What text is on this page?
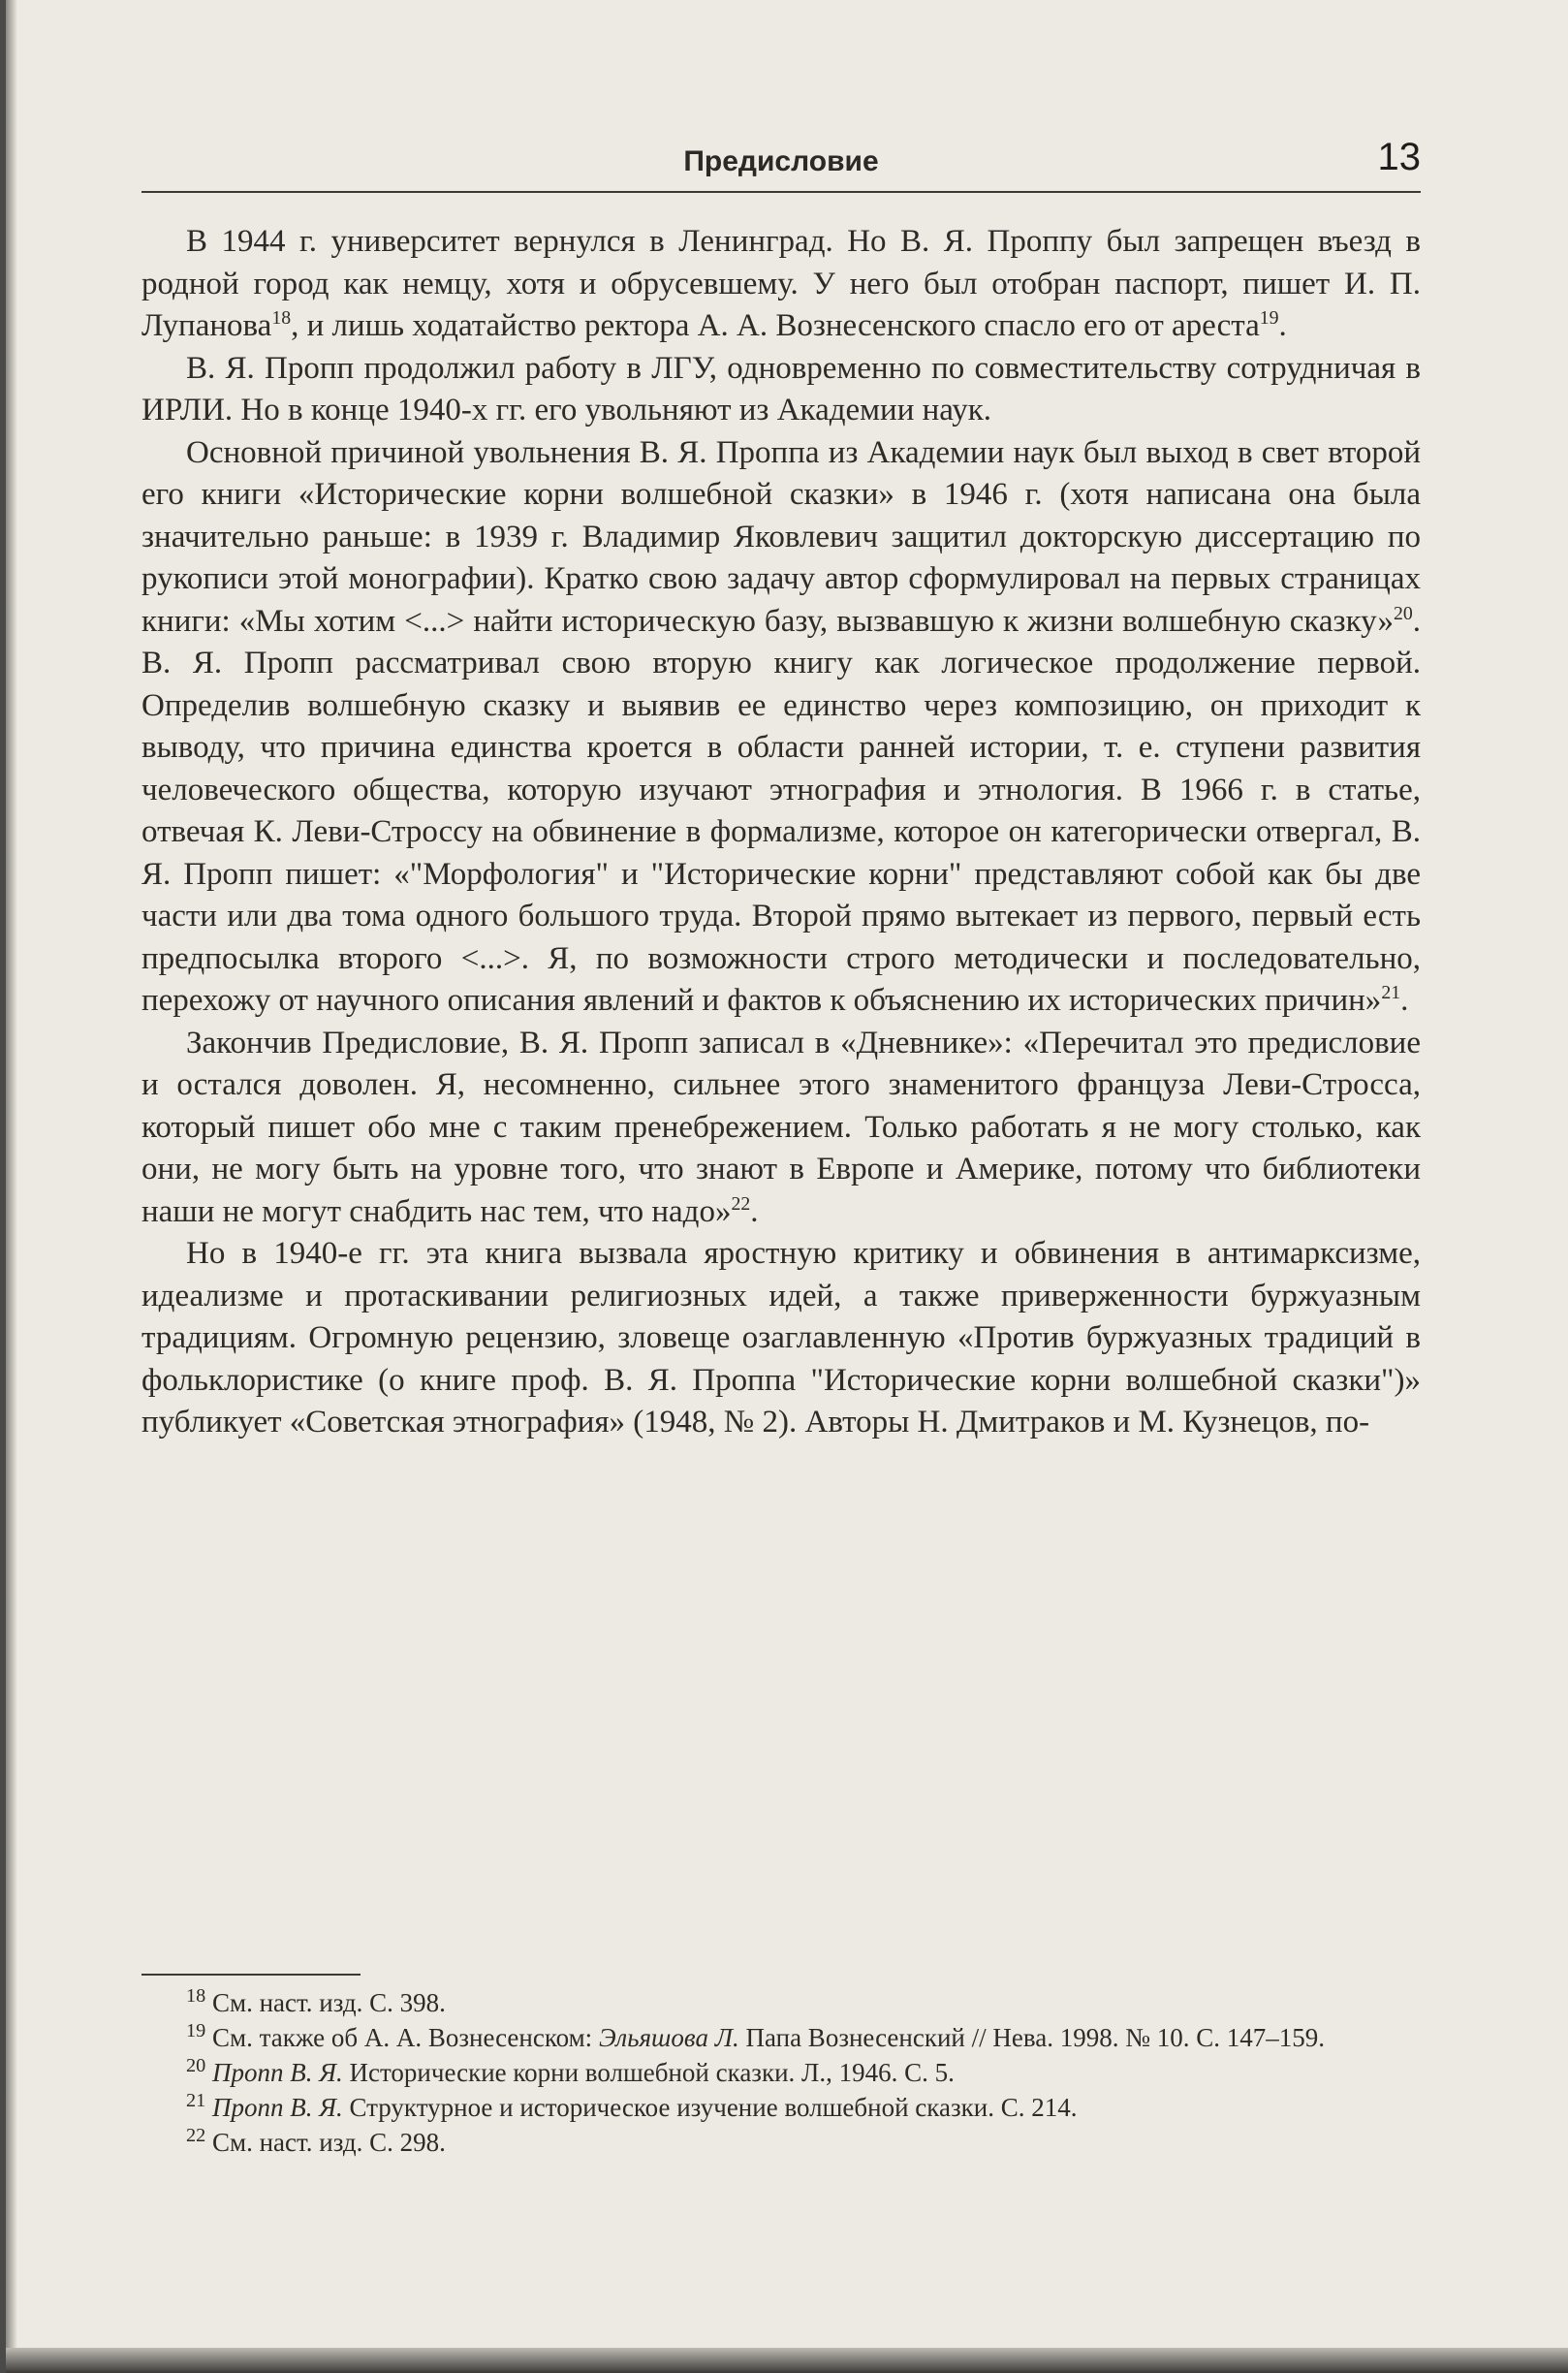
Предисловие	13

В 1944 г. университет вернулся в Ленинград. Но В. Я. Проппу был запрещен въезд в родной город как немцу, хотя и обрусевшему. У него был отобран паспорт, пишет И. П. Лупанова$^{18}$, и лишь ходатайство ректора А. А. Вознесенского спасло его от ареста$^{19}$.

В. Я. Пропп продолжил работу в ЛГУ, одновременно по совместительству сотрудничая в ИРЛИ. Но в конце 1940-х гг. его увольняют из Академии наук.

Основной причиной увольнения В. Я. Проппа из Академии наук был выход в свет второй его книги «Исторические корни волшебной сказки» в 1946 г. (хотя написана она была значительно раньше: в 1939 г. Владимир Яковлевич защитил докторскую диссертацию по рукописи этой монографии). Кратко свою задачу автор сформулировал на первых страницах книги: «Мы хотим <...> найти историческую базу, вызвавшую к жизни волшебную сказку»$^{20}$. В. Я. Пропп рассматривал свою вторую книгу как логическое продолжение первой. Определив волшебную сказку и выявив ее единство через композицию, он приходит к выводу, что причина единства кроется в области ранней истории, т. е. ступени развития человеческого общества, которую изучают этнография и этнология. В 1966 г. в статье, отвечая К. Леви-Строссу на обвинение в формализме, которое он категорически отвергал, В. Я. Пропп пишет: «"Морфология" и "Исторические корни" представляют собой как бы две части или два тома одного большого труда. Второй прямо вытекает из первого, первый есть предпосылка второго <...>. Я, по возможности строго методически и последовательно, перехожу от научного описания явлений и фактов к объяснению их исторических причин»$^{21}$.

Закончив Предисловие, В. Я. Пропп записал в «Дневнике»: «Перечитал это предисловие и остался доволен. Я, несомненно, сильнее этого знаменитого француза Леви-Стросса, который пишет обо мне с таким пренебрежением. Только работать я не могу столько, как они, не могу быть на уровне того, что знают в Европе и Америке, потому что библиотеки наши не могут снабдить нас тем, что надо»$^{22}$.

Но в 1940-е гг. эта книга вызвала яростную критику и обвинения в антимарксизме, идеализме и протаскивании религиозных идей, а также приверженности буржуазным традициям. Огромную рецензию, зловеще озаглавленную «Против буржуазных традиций в фольклористике (о книге проф. В. Я. Проппа "Исторические корни волшебной сказки")» публикует «Советская этнография» (1948, № 2). Авторы Н. Дмитраков и М. Кузнецов, по-

$^{18}$ См. наст. изд. С. 398.

$^{19}$ См. также об А. А. Вознесенском: Эльяшова Л. Папа Вознесенский // Нева. 1998. № 10. С. 147–159.

$^{20}$ Пропп В. Я. Исторические корни волшебной сказки. Л., 1946. С. 5.

$^{21}$ Пропп В. Я. Структурное и историческое изучение волшебной сказки. С. 214.

$^{22}$ См. наст. изд. С. 298.
